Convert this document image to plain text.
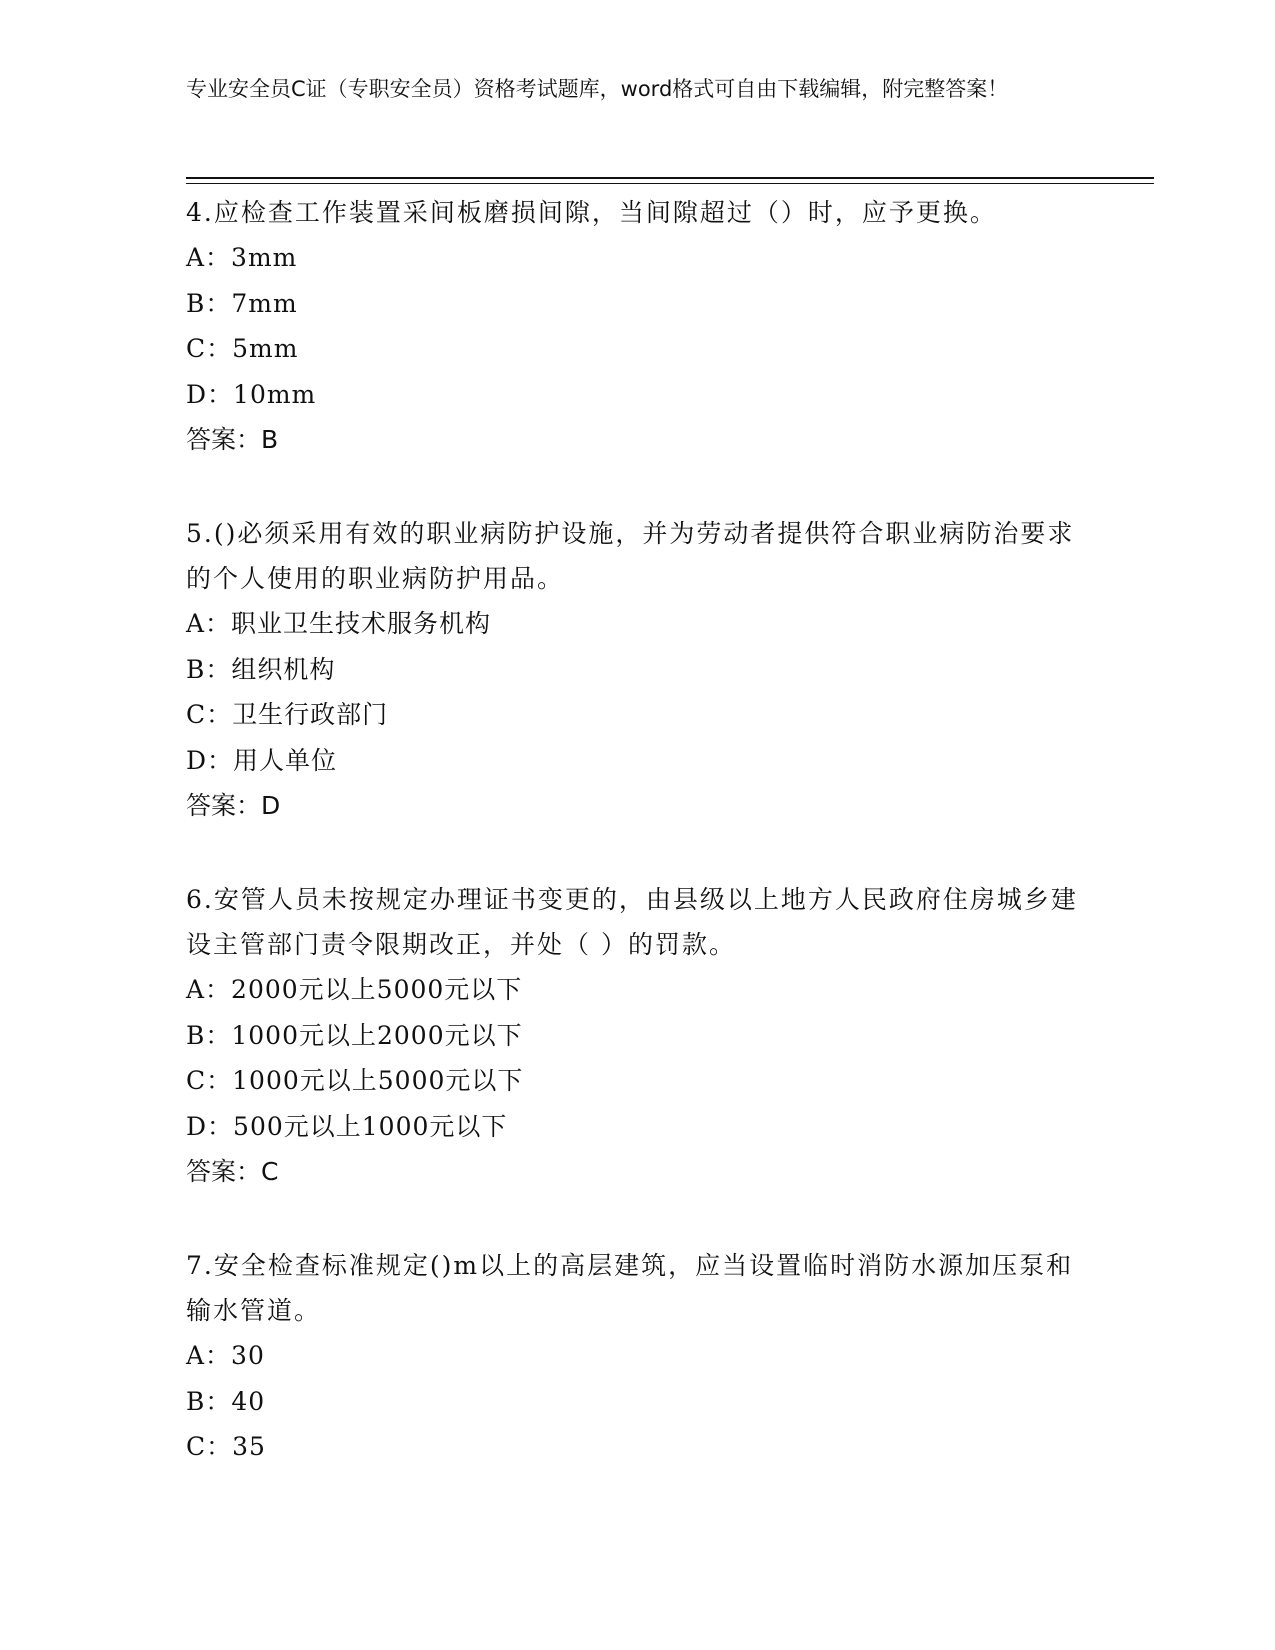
专业安全员C证（专职安全员）资格考试题库，word格式可自由下载编辑，附完整答案！

4.应检查工作装置采间板磨损间隙，当间隙超过（）时，应予更换。

A：3mm

B：7mm

C：5mm

D：10mm

答案：B

5.()必须采用有效的职业病防护设施，并为劳动者提供符合职业病防治要求的个人使用的职业病防护用品。

A：职业卫生技术服务机构

B：组织机构

C：卫生行政部门

D：用人单位

答案：D

6.安管人员未按规定办理证书变更的，由县级以上地方人民政府住房城乡建设主管部门责令限期改正，并处（ ）的罚款。

A：2000元以上5000元以下

B：1000元以上2000元以下

C：1000元以上5000元以下

D：500元以上1000元以下

答案：C

7.安全检查标准规定()m以上的高层建筑，应当设置临时消防水源加压泵和输水管道。

A：30

B：40

C：35
